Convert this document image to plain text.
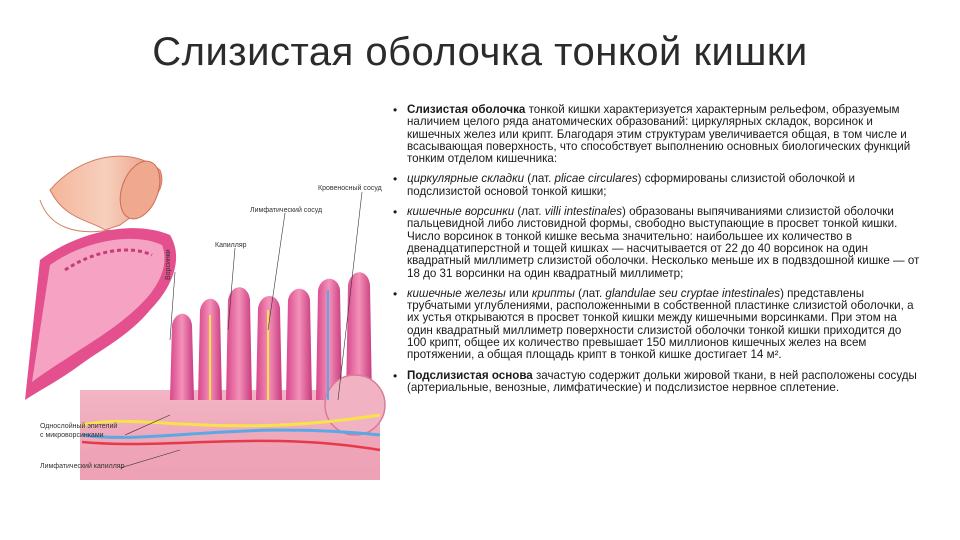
Слизистая оболочка тонкой кишки
Кровеносный сосуд
Лимфатический сосуд
Капилляр
Ворсинки
Однослойный эпителий
с микроворсинками
Лимфатический капилляр
• Слизистая оболочка тонкой кишки характеризуется характерным рельефом, образуемым наличием целого ряда анатомических образований: циркулярных складок, ворсинок и кишечных желез или крипт. Благодаря этим структурам увеличивается общая, в том числе и всасывающая поверхность, что способствует выполнению основных биологических функций тонким отделом кишечника:
• циркулярные складки (лат. plicae circulares) сформированы слизистой оболочкой и подслизистой основой тонкой кишки;
• кишечные ворсинки (лат. villi intestinales) образованы выпячиваниями слизистой оболочки пальцевидной либо листовидной формы, свободно выступающие в просвет тонкой кишки. Число ворсинок в тонкой кишке весьма значительно: наибольшее их количество в двенадцатиперстной и тощей кишках — насчитывается от 22 до 40 ворсинок на один квадратный миллиметр слизистой оболочки. Несколько меньше их в подвздошной кишке — от 18 до 31 ворсинки на один квадратный миллиметр;
• кишечные железы или крипты (лат. glandulae seu cryptae intestinales) представлены трубчатыми углублениями, расположенными в собственной пластинке слизистой оболочки, а их устья открываются в просвет тонкой кишки между кишечными ворсинками. При этом на один квадратный миллиметр поверхности слизистой оболочки тонкой кишки приходится до 100 крипт, общее их количество превышает 150 миллионов кишечных желез на всем протяжении, а общая площадь крипт в тонкой кишке достигает 14 м².
• Подслизистая основа зачастую содержит дольки жировой ткани, в ней расположены сосуды (артериальные, венозные, лимфатические) и подслизистое нервное сплетение.
